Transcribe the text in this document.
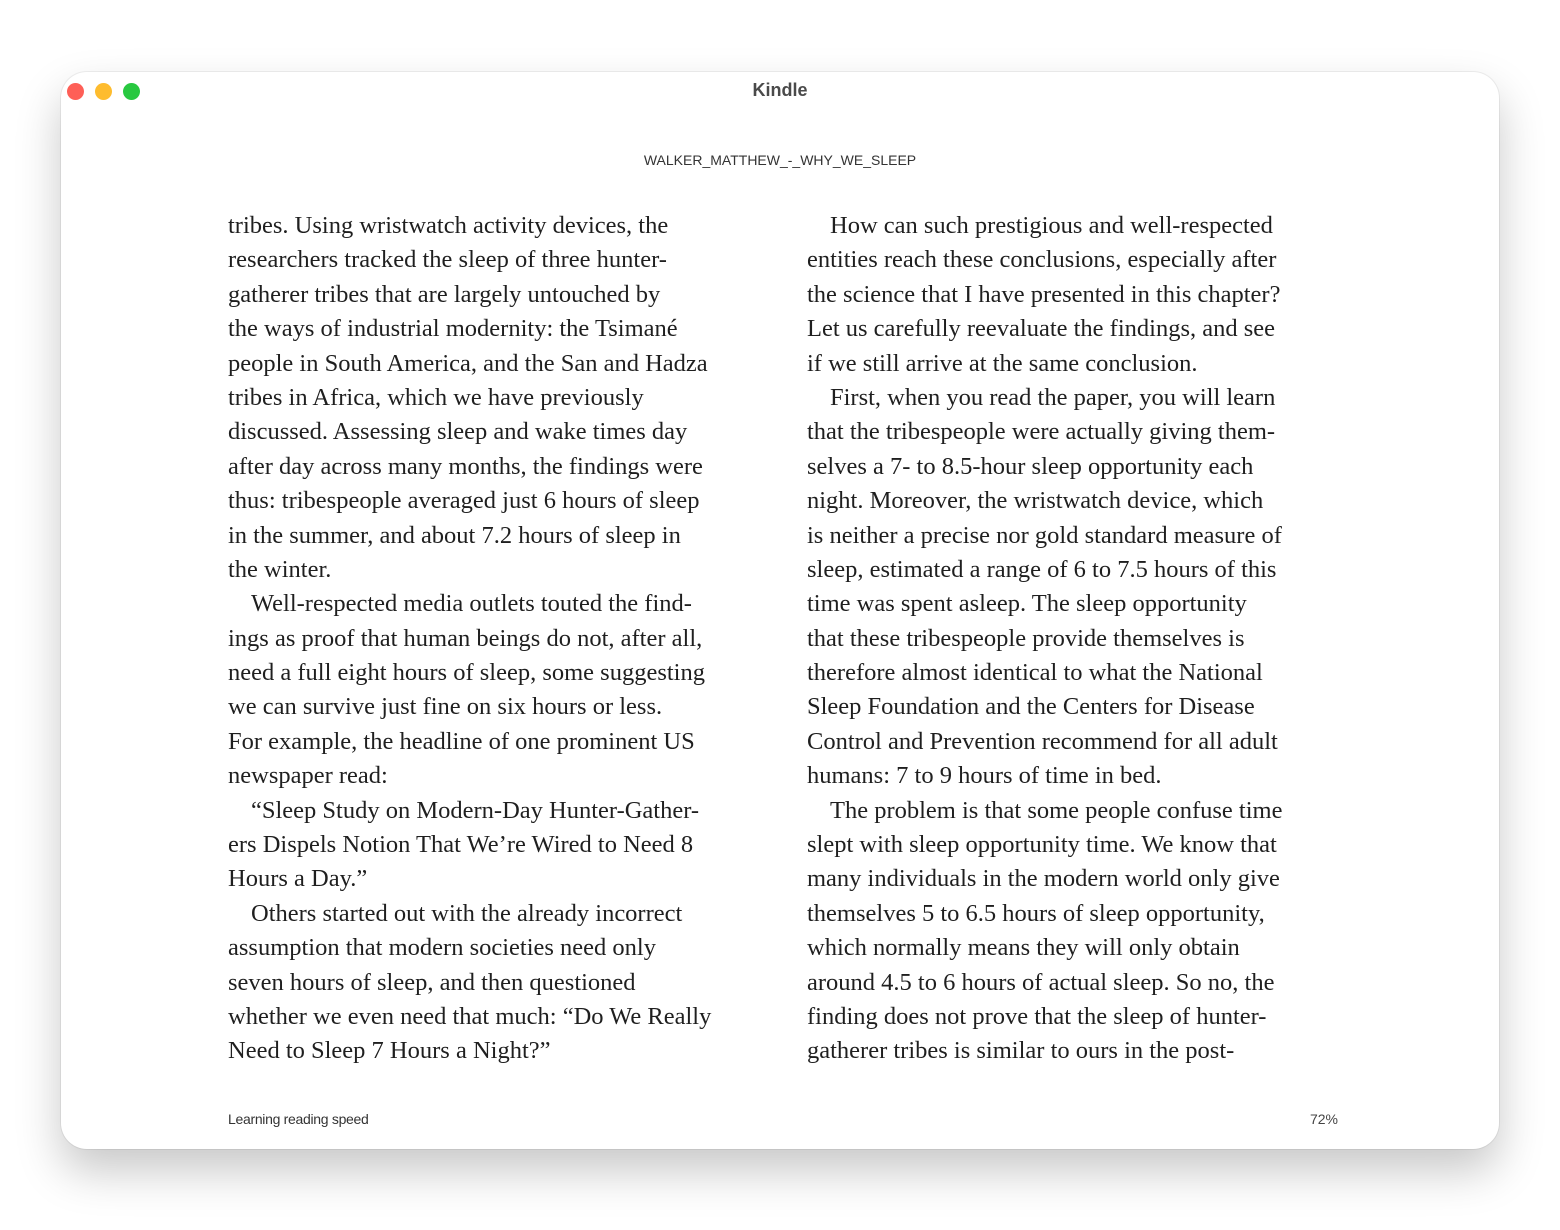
Kindle
WALKER_MATTHEW_-_WHY_WE_SLEEP
tribes. Using wristwatch activity devices, the
researchers tracked the sleep of three hunter-
gatherer tribes that are largely untouched by
the ways of industrial modernity: the Tsimané
people in South America, and the San and Hadza
tribes in Africa, which we have previously
discussed. Assessing sleep and wake times day
after day across many months, the findings were
thus: tribespeople averaged just 6 hours of sleep
in the summer, and about 7.2 hours of sleep in
the winter.
Well-respected media outlets touted the find-
ings as proof that human beings do not, after all,
need a full eight hours of sleep, some suggesting
we can survive just fine on six hours or less.
For example, the headline of one prominent US
newspaper read:
“Sleep Study on Modern-Day Hunter-Gather-
ers Dispels Notion That We’re Wired to Need 8
Hours a Day.”
Others started out with the already incorrect
assumption that modern societies need only
seven hours of sleep, and then questioned
whether we even need that much: “Do We Really
Need to Sleep 7 Hours a Night?”
How can such prestigious and well-respected
entities reach these conclusions, especially after
the science that I have presented in this chapter?
Let us carefully reevaluate the findings, and see
if we still arrive at the same conclusion.
First, when you read the paper, you will learn
that the tribespeople were actually giving them-
selves a 7- to 8.5-hour sleep opportunity each
night. Moreover, the wristwatch device, which
is neither a precise nor gold standard measure of
sleep, estimated a range of 6 to 7.5 hours of this
time was spent asleep. The sleep opportunity
that these tribespeople provide themselves is
therefore almost identical to what the National
Sleep Foundation and the Centers for Disease
Control and Prevention recommend for all adult
humans: 7 to 9 hours of time in bed.
The problem is that some people confuse time
slept with sleep opportunity time. We know that
many individuals in the modern world only give
themselves 5 to 6.5 hours of sleep opportunity,
which normally means they will only obtain
around 4.5 to 6 hours of actual sleep. So no, the
finding does not prove that the sleep of hunter-
gatherer tribes is similar to ours in the post-
Learning reading speed	72%
